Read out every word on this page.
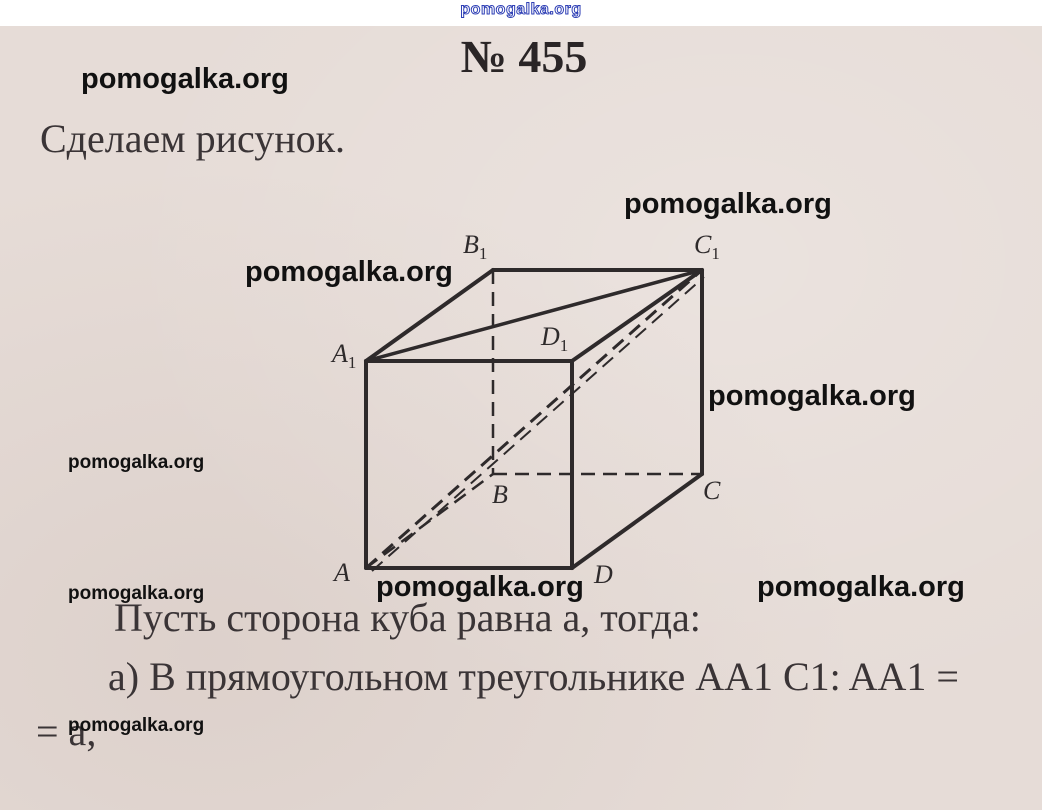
pomogalka.org
№ 455
Сделаем рисунок.
$B_1$	$C_1$
$A_1$
$D_1$
A
B	C
D
Пусть сторона куба равна a, тогда:
а) В прямоугольном треугольнике AA1 C1: AA1 =
= a,
pomogalka.org
pomogalka.org
pomogalka.org
pomogalka.org
pomogalka.org
pomogalka.org	pomogalka.org
pomogalka.org
pomogalka.org
